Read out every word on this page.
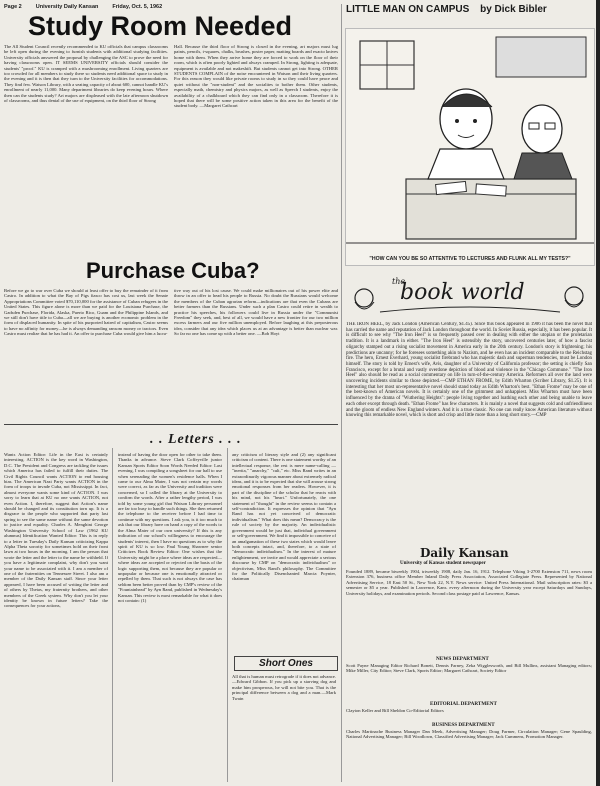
Page 2	University Daily Kansan	Friday, Oct. 5, 1962
Study Room Needed
The All Student Council recently recommended to KU officials that campus classrooms be left open during the evening to furnish students with additional studying facilities. University officials answered the proposal by challenging the ASC to prove the need for having classrooms open. IT SEEMS UNIVERSITY officials should consider the students' "proof." KU is cramped with a mushrooming enrollment. Living quarters are too crowded for all members to study there so students need additional space to study in the evening and it is then that they turn to the University facilities for accommodations. They find few. Watson Library, with a seating capacity of about 600, cannot handle KU's enrollment of nearly 11,000. Many department libraries do keep evening hours. Where then can the students study? Art majors are displeased with the late afternoon shutdown of classrooms, and thus denial of the use of equipment, on the third floor of Strong
Hall. Because the third floor of Strong is closed in the evening, art majors must lug paints, pencils, t-squares, chalks, brushes, poster paper, matting boards and exacto knives home with them. When they arrive home they are forced to work on the floor of their room, which is often poorly lighted and always cramped. In Strong, lighting is adequate, equipment is available and not makeshift. But students cannot get into Strong. OTHER STUDENTS COMPLAIN of the noise encountered in Watson and their living quarters. For this reason they would like private rooms to study in so they could have peace and quiet without the "non-student" and the socialites to bother them. Other students, especially math, chemistry and physics majors, as well as Speech I students, enjoy the availability of a chalkboard which they can find only in a classroom. Therefore it is hoped that there will be some positive action taken in this area for the benefit of the student body. —Margaret Cathcart
Purchase Cuba?
Before we go to war over Cuba we should at least offer to buy the remainder of it from Castro. In addition to what the Bay of Pigs fiasco has cost us, last week the Senate Appropriations Committee voted $70,110,000 for the assistance of Cuban refugees in the United States. This figure alone is more than we paid for the Louisiana Purchase, the Gadsden Purchase, Florida, Alaska, Puerto Rico, Guam and the Philippine Islands, and we still don't have title to Cuba—all we are buying is another economic problem in the form of displaced humanity. In spite of his purported hatred of capitalism, Castro seems to have no affinity for money—he is always demanding ransom money or tractors. Even Castro must realize that he has had it. An offer to purchase Cuba would give him a lucra-
tive way out of his lost cause. We could make millionaires out of his power elite and throw in an offer to head his people to Russia. No doubt the Russians would welcome the members of the Cuban agrarian reform—indications are that even the Cubans are better farmers than the Russians. Under such a plan Castro could retire in wealth to practice his speeches, his followers could live in Russia under the "Communist Freedom" they seek, and, best of all, we would have a new frontier for our two million excess farmers and our five million unemployed. Before laughing at this preposterous idea, consider that any idea which places us at an advantage is better than nuclear war. So far no one has come up with a better one. —Bob Hoyt
LITTLE MAN ON CAMPUS by Dick Bibler
"HOW CAN YOU BE SO ATTENTIVE TO LECTURES AND FLUNK ALL MY TESTS?"
the
book world
THE IRON HEEL, by Jack London (American Century, $1.45). Since this book appeared in 1906 it has been the novel that has carried the name and reputation of Jack London throughout the world. In Soviet Russia, especially, it has been popular. It is difficult to see why "The Iron Heel" is so frequently passed over in dealing with either the utopian or the proletarian tradition. It is a landmark in either. "The Iron Heel" is ostensibly the story, uncovered centuries later, of how a fascist oligarchy stamped out a rising socialist movement in America early in the 20th century. London's story is frightening; his predictions are uncanny; for he foresees something akin to Nazism, and he even has an incident comparable to the Reichstag fire. The hero, Ernest Everhard, young socialist firebrand who has majestic dash and superman tendencies, must be London himself. The story is told by Ernest's wife, Avis, daughter of a University of California professor; the setting is chiefly San Francisco, except for a brutal and vastly overdone depiction of blood and violence in the "Chicago Commune." "The Iron Heel" also should be read as a social commentary on life in turn-of-the-century America. Reformers all over the land were uncovering incidents similar to those depicted.—CMP ETHAN FROME, by Edith Wharton (Scriber Library, $1.25). It is interesting that her most un-representative novel should stand today as Edith Wharton's best. "Ethan Frome" may be one of the best-known of American novels. It is certainly one of the grimmest and unhappiest. Miss Wharton must have been influenced by the drama of "Wuthering Heights": people living together and loathing each other and being unable to leave each other except through death. "Ethan Frome" has few characters. It is mainly a novel that suggests cold and unfriendliness and the gloom of endless New England winters. And it is a true classic. No one can really know American literature without knowing this remarkable novel, which is short and crisp and little more than a long short story.—CMP
. . Letters . . .
Wants Action Editor: Life in the East is certainly interesting. ACTION is the key word in Washington, D.C. The President and Congress are tackling the issues which America has failed to fulfill their duties. The Civil Rights Council wants ACTION to end housing bias. The American Nazi Party wants ACTION in the form of troops to invade Cuba, not Mississippi. In fact, almost everyone wants some kind of ACTION. I was sorry to learn that at KU no one wants ACTION, not even Action. I, therefore, suggest that Action's name should be changed and its constitution torn up. It is a disgrace to the people who supported that party last spring to see the same name without the same devotion to justice and equality. Charles A. Menghini George Washington University School of Law (1962 KU alumnus) Identification Wanted Editor: This is in reply to a letter in Tuesday's Daily Kansan criticizing Kappa Alpha Theta sorority for sometimes hold on their front lawn at two hours in the morning. I am the person that wrote the letter and the letter to the name be withheld. If you have a legitimate complaint, why don't you want your name to be associated with it. I am a member of one of the fraternities on Tennessee Street. I also am a member of the Daily Kansan staff. Since your letter appeared, I have been accused of writing the letter and of others by Thetas, my fraternity brothers, and other members of the Greek system. Why don't you let your identity be known in future letters? Take the consequences for your actions,
instead of having the door open for other to take them. Thanks in advance. Steve Clark Coffeyville junior Kansan Sports Editor Soon Words Needed Editor: Last evening, I was compiling a songsheet for our hall to use when serenading the women's residence halls. When I came to our Alma Mater, I was not certain my words were correct, as far as the University and tradition were concerned, so I called the library at the University to confirm the words. After a rather lengthy period, I was told by some young girl that Watson Library personnel are far too busy to handle such things. She then returned the telephone to the receiver before I had time to continue with my questions. I ask you, is it too much to ask that our library have on hand a copy of the words to the Alma Mater of our own university? If this is any indication of our school's willingness to encourage the students' interest, then I have no questions as to why the spirit of KU is so low. Paul Young Shawnee senior Criticizes Book Review Editor: One wishes that the University might be a place where ideas are respected—where ideas are accepted or rejected on the basis of the logic supporting them, not because they are popular or unpopular or because one is emotionally attracted or repelled by them. That such is not always the case has seldom been better proved than by CMP's review of the "Fountainhead" by Ayn Rand, published in Wednesday's Kansan. This review is most remarkable for what it does not contain: (1)
any criticism of literary style and (2) any significant criticism of content. There is one statement worthy of an intellectual response, the rest is mere name-calling — "inertia," "anarchy," "cult," etc. Miss Rand writes in an extraordinarily vigorous manner about extremely radical ideas, and it is to be expected that she will arouse strong emotional responses from her readers. However, it is part of the discipline of the scholar that he reacts with his mind, not his "heart." Unfortunately, the one statement of "thought" in the review seems to contain a self-contradiction. It expresses the opinion that "Ayn Rand has not yet conceived of democratic individualism." What does this mean? Democracy is the rule of society by the majority. An individualistic government would be just that, individual government or self-government. We find it impossible to conceive of an amalgamation of these two states which would leave both concepts intact, and, therefore, to a state of "democratic individualism." In the interest of mature enlightenment, we invite and would appreciate a serious discourse by CMP on "democratic individualism" or objectivism, Miss Rand's philosophy. The Committee for the Politically Disenchanted Marcia Poynter, chairman
Short Ones
All that is human must retrograde if it does not advance.—Edward Gibbon. If you pick up a starving dog and make him prosperous, he will not bite you. That is the principal difference between a dog and a man.—Mark Twain
Daily Kansan
University of Kansas student newspaper
Founded 1889, became biweekly 1904, triweekly 1908, daily Jan. 16, 1912. Telephone Viking 3-2700 Extension 711, news room Extension 376, business office Member Inland Daily Press Association, Associated Collegiate Press. Represented by National Advertising Service, 18 East 50 St., New York 22, N.Y. News service: United Press International. Mail subscription rates: $3 a semester or $5 a year. Published in Lawrence, Kans. every afternoon during the University year except Saturdays and Sundays, University holidays, and examination periods. Second class postage paid at Lawrence, Kansas.
NEWS DEPARTMENT
Scott Payne Managing Editor Richard Bonett, Dennis Farney, Zeka Wigglesworth, and Bill Mullins, assistant Managing editors; Mike Miller, City Editor; Steve Clark, Sports Editor; Margaret Cathcart, Society Editor
EDITORIAL DEPARTMENT
Clayton Keller and Bill Sheldon Co-Editorial Editors
BUSINESS DEPARTMENT
Charles Martinache Business Manager Dan Meek, Advertising Manager; Doug Farmer, Circulation Manager; Gene Spaulding, National Advertising Manager; Bill Woodlown, Classified Advertising Manager; Jack Cummens, Promotion Manager.
